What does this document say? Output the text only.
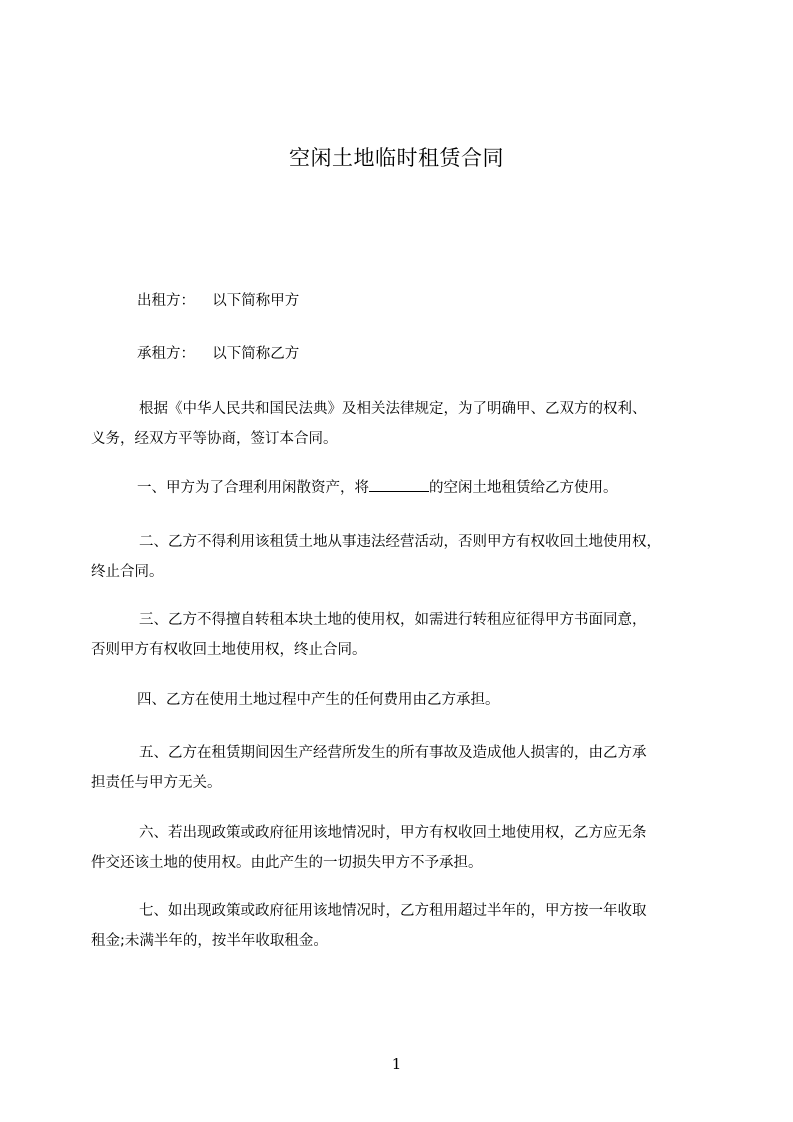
空闲土地临时租赁合同
出租方： 以下简称甲方
承租方： 以下简称乙方
根据《中华人民共和国民法典》及相关法律规定，为了明确甲、乙双方的权利、
义务，经双方平等协商，签订本合同。
一、甲方为了合理利用闲散资产，将	的空闲土地租赁给乙方使用。
二、乙方不得利用该租赁土地从事违法经营活动，否则甲方有权收回土地使用权，
终止合同。
三、乙方不得擅自转租本块土地的使用权，如需进行转租应征得甲方书面同意，
否则甲方有权收回土地使用权，终止合同。
四、乙方在使用土地过程中产生的任何费用由乙方承担。
五、乙方在租赁期间因生产经营所发生的所有事故及造成他人损害的，由乙方承
担责任与甲方无关。
六、若出现政策或政府征用该地情况时，甲方有权收回土地使用权，乙方应无条
件交还该土地的使用权。由此产生的一切损失甲方不予承担。
七、如出现政策或政府征用该地情况时，乙方租用超过半年的，甲方按一年收取
租金;未满半年的，按半年收取租金。
1
